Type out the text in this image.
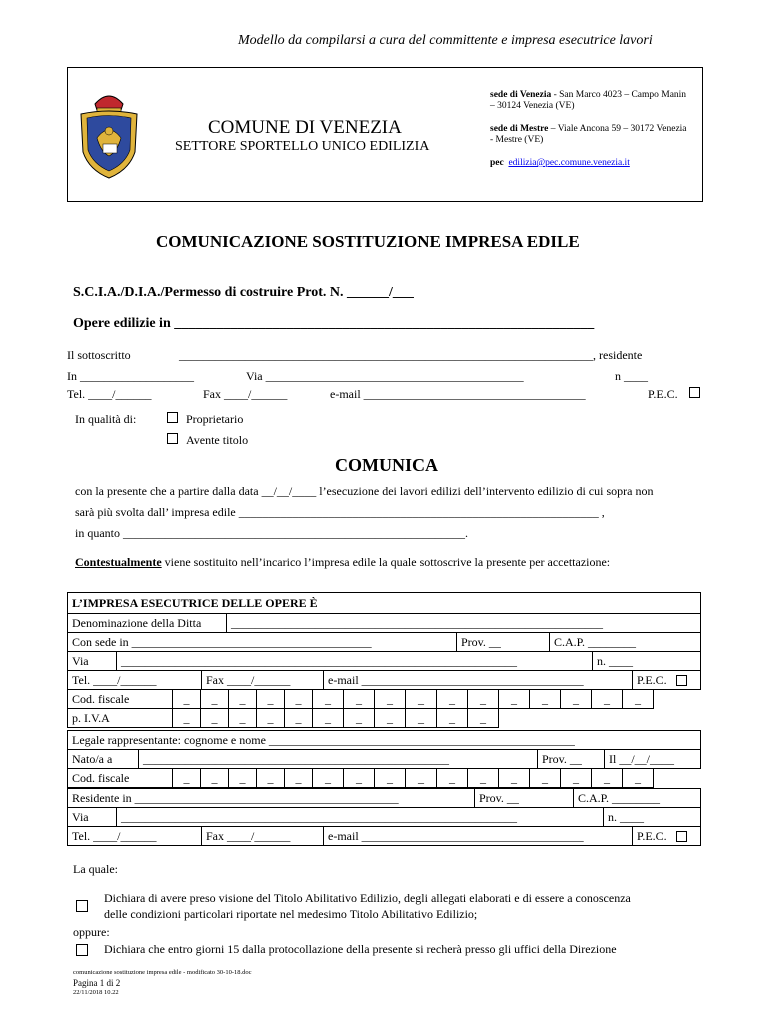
Modello da compilarsi a cura del committente e impresa esecutrice lavori
COMUNE DI VENEZIA
SETTORE SPORTELLO UNICO EDILIZIA
sede di Venezia - San Marco 4023 – Campo Manin – 30124 Venezia (VE)
sede di Mestre – Viale Ancona 59 – 30172 Venezia - Mestre (VE)
pec edilizia@pec.comune.venezia.it
COMUNICAZIONE SOSTITUZIONE IMPRESA EDILE
S.C.I.A./D.I.A./Permesso di costruire Prot. N. ______/___
Opere edilizie in ____________________________________________________________
Il sottoscritto	_____________________________________________________________________, residente
In ___________________	Via ___________________________________________	n ____
Tel. ____/______	Fax ____/______	e-mail _____________________________________	P.E.C.
In qualità di:	Proprietario
Avente titolo
COMUNICA
con la presente che a partire dalla data __/__/____ l’esecuzione dei lavori edilizi dell’intervento edilizio di cui sopra non
sarà più svolta dall’ impresa edile ____________________________________________________________ ,
in quanto _________________________________________________________.
Contestualmente viene sostituito nell’incarico l’impresa edile la quale sottoscrive la presente per accettazione:
L’IMPRESA ESECUTRICE DELLE OPERE È
Denominazione della Ditta	______________________________________________________________
Con sede in ________________________________________	Prov. __	C.A.P. ________
Via	__________________________________________________________________	n. ____
Tel. ____/______	Fax ____/______	e-mail _____________________________________	P.E.C.
Cod. fiscale	_	_	_	_	_	_	_	_	_	_	_	_	_	_	_	_
p. I.V.A	_	_	_	_	_	_	_	_	_	_	_
Legale rappresentante: cognome e nome ___________________________________________________
Nato/a a	___________________________________________________	Prov. __	Il __/__/____
Cod. fiscale	_	_	_	_	_	_	_	_	_	_	_	_	_	_	_	_
Residente in ____________________________________________	Prov. __	C.A.P. ________
Via	__________________________________________________________________	n. ____
Tel. ____/______	Fax ____/______	e-mail _____________________________________	P.E.C.
La quale:
Dichiara di avere preso visione del Titolo Abilitativo Edilizio, degli allegati elaborati e di essere a conoscenza
delle condizioni particolari riportate nel medesimo Titolo Abilitativo Edilizio;
oppure:
Dichiara che entro giorni 15 dalla protocollazione della presente si recherà presso gli uffici della Direzione
comunicazione sostituzione impresa edile - modificato 30-10-18.doc
Pagina 1 di 2
22/11/2018 10.22
